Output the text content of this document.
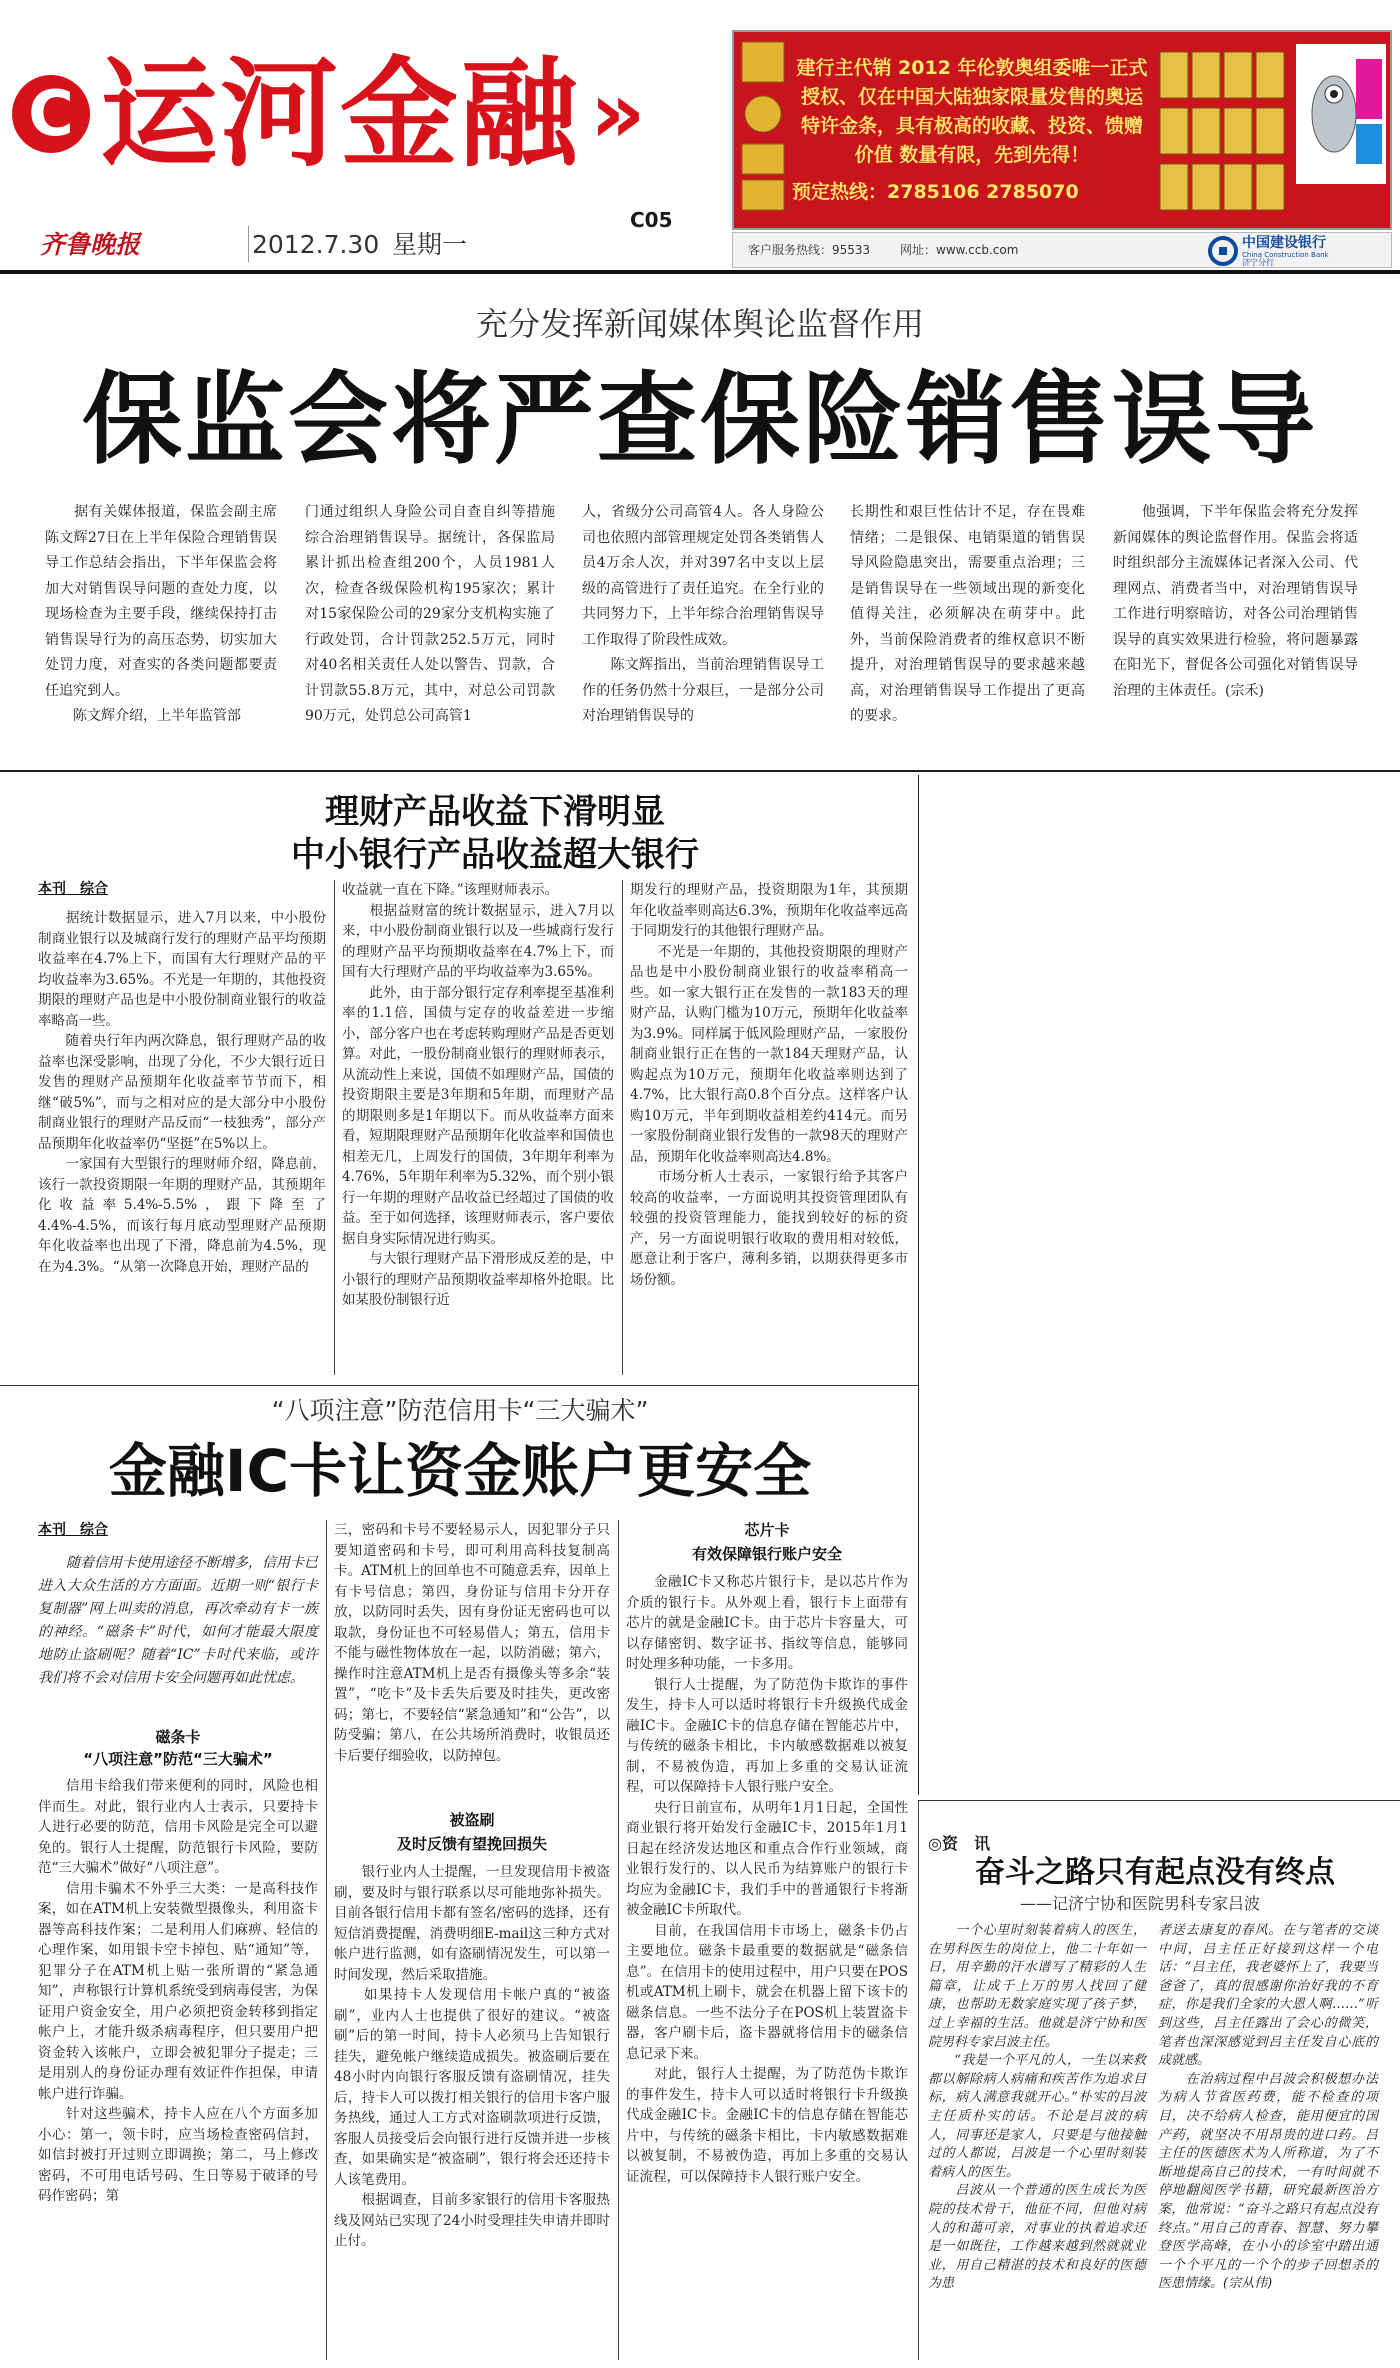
C 运河金融 »
齐鲁晚报	2012.7.30 星期一
C05
建行主代销 2012 年伦敦奥组委唯一正式授权、仅在中国大陆独家限量发售的奥运特许金条，具有极高的收藏、投资、馈赠价值 数量有限，先到先得！
预定热线：2785106 2785070
客户服务热线：95533 网址：www.ccb.com	中国建设银行
China Construction Bank
济宁分行
充分发挥新闻媒体舆论监督作用
保监会将严查保险销售误导
　　据有关媒体报道，保监会副主席陈文辉27日在上半年保险合理销售误导工作总结会指出，下半年保监会将加大对销售误导问题的查处力度，以现场检查为主要手段，继续保持打击销售误导行为的高压态势，切实加大处罚力度，对查实的各类问题都要责任追究到人。
　　陈文辉介绍，上半年监管部
门通过组织人身险公司自查自纠等措施综合治理销售误导。据统计，各保监局累计抓出检查组200个，人员1981人次，检查各级保险机构195家次；累计对15家保险公司的29家分支机构实施了行政处罚，合计罚款252.5万元，同时对40名相关责任人处以警告、罚款，合计罚款55.8万元，其中，对总公司罚款90万元，处罚总公司高管1
人，省级分公司高管4人。各人身险公司也依照内部管理规定处罚各类销售人员4万余人次，并对397名中支以上层级的高管进行了责任追究。在全行业的共同努力下，上半年综合治理销售误导工作取得了阶段性成效。
　　陈文辉指出，当前治理销售误导工作的任务仍然十分艰巨，一是部分公司对治理销售误导的
长期性和艰巨性估计不足，存在畏难情绪；二是银保、电销渠道的销售误导风险隐患突出，需要重点治理；三是销售误导在一些领域出现的新变化值得关注，必须解决在萌芽中。此外，当前保险消费者的维权意识不断提升，对治理销售误导的要求越来越高，对治理销售误导工作提出了更高的要求。
　　他强调，下半年保监会将充分发挥新闻媒体的舆论监督作用。保监会将适时组织部分主流媒体记者深入公司、代理网点、消费者当中，对治理销售误导工作进行明察暗访，对各公司治理销售误导的真实效果进行检验，将问题暴露在阳光下，督促各公司强化对销售误导治理的主体责任。(宗禾)
理财产品收益下滑明显
中小银行产品收益超大银行
本刊　综合
　　据统计数据显示，进入7月以来，中小股份制商业银行以及城商行发行的理财产品平均预期收益率在4.7%上下，而国有大行理财产品的平均收益率为3.65%。不光是一年期的，其他投资期限的理财产品也是中小股份制商业银行的收益率略高一些。
　　随着央行年内两次降息，银行理财产品的收益率也深受影响，出现了分化，不少大银行近日发售的理财产品预期年化收益率节节而下，相继“破5%”，而与之相对应的是大部分中小股份制商业银行的理财产品反而“一枝独秀”，部分产品预期年化收益率仍“坚挺”在5%以上。
　　一家国有大型银行的理财师介绍，降息前，该行一款投资期限一年期的理财产品，其预期年化收益率5.4%-5.5%，跟下降至了4.4%-4.5%，而该行每月底动型理财产品预期年化收益率也出现了下滑，降息前为4.5%，现在为4.3%。“从第一次降息开始，理财产品的
收益就一直在下降。”该理财师表示。
　　根据益财富的统计数据显示，进入7月以来，中小股份制商业银行以及一些城商行发行的理财产品平均预期收益率在4.7%上下，而国有大行理财产品的平均收益率为3.65%。
　　此外，由于部分银行定存利率提至基准利率的1.1倍，国债与定存的收益差进一步缩小，部分客户也在考虑转购理财产品是否更划算。对此，一股份制商业银行的理财师表示，从流动性上来说，国债不如理财产品，国债的投资期限主要是3年期和5年期，而理财产品的期限则多是1年期以下。而从收益率方面来看，短期限理财产品预期年化收益率和国债也相差无几，上周发行的国债，3年期年利率为4.76%，5年期年利率为5.32%，而个别小银行一年期的理财产品收益已经超过了国债的收益。至于如何选择，该理财师表示，客户要依据自身实际情况进行购买。
　　与大银行理财产品下滑形成反差的是，中小银行的理财产品预期收益率却格外抢眼。比如某股份制银行近
期发行的理财产品，投资期限为1年，其预期年化收益率则高达6.3%，预期年化收益率远高于同期发行的其他银行理财产品。
　　不光是一年期的，其他投资期限的理财产品也是中小股份制商业银行的收益率稍高一些。如一家大银行正在发售的一款183天的理财产品，认购门槛为10万元，预期年化收益率为3.9%。同样属于低风险理财产品，一家股份制商业银行正在售的一款184天理财产品，认购起点为10万元，预期年化收益率则达到了4.7%，比大银行高0.8个百分点。这样客户认购10万元，半年到期收益相差约414元。而另一家股份制商业银行发售的一款98天的理财产品，预期年化收益率则高达4.8%。
　　市场分析人士表示，一家银行给予其客户较高的收益率，一方面说明其投资管理团队有较强的投资管理能力，能找到较好的标的资产，另一方面说明银行收取的费用相对较低，愿意让利于客户，薄利多销，以期获得更多市场份额。
“八项注意”防范信用卡“三大骗术”
金融IC卡让资金账户更安全
本刊　综合
　　随着信用卡使用途径不断增多，信用卡已进入大众生活的方方面面。近期一则“银行卡复制器”网上叫卖的消息，再次牵动有卡一族的神经。“磁条卡”时代，如何才能最大限度地防止盗刷呢？随着“IC”卡时代来临，或许我们将不会对信用卡安全问题再如此忧虑。
磁条卡
“八项注意”防范“三大骗术”
　　信用卡给我们带来便利的同时，风险也相伴而生。对此，银行业内人士表示，只要持卡人进行必要的防范，信用卡风险是完全可以避免的。银行人士提醒，防范银行卡风险，要防范“三大骗术”做好“八项注意”。
　　信用卡骗术不外乎三大类：一是高科技作案，如在ATM机上安装微型摄像头，利用盗卡器等高科技作案；二是利用人们麻痹、轻信的心理作案，如用银卡空卡掉包、贴“通知”等，犯罪分子在ATM机上贴一张所谓的“紧急通知”，声称银行计算机系统受到病毒侵害，为保证用户资金安全，用户必须把资金转移到指定帐户上，才能升级杀病毒程序，但只要用户把资金转入该帐户，立即会被犯罪分子提走；三是用别人的身份证办理有效证件作担保，申请帐户进行诈骗。
　　针对这些骗术，持卡人应在八个方面多加小心：第一，领卡时，应当场检查密码信封，如信封被打开过则立即调换；第二，马上修改密码，不可用电话号码、生日等易于破译的号码作密码；第
三，密码和卡号不要轻易示人，因犯罪分子只要知道密码和卡号，即可利用高科技复制高卡。ATM机上的回单也不可随意丢弃，因单上有卡号信息；第四，身份证与信用卡分开存放，以防同时丢失，因有身份证无密码也可以取款，身份证也不可轻易借人；第五，信用卡不能与磁性物体放在一起，以防消磁；第六，操作时注意ATM机上是否有摄像头等多余“装置”，“吃卡”及卡丢失后要及时挂失，更改密码；第七，不要轻信“紧急通知”和“公告”，以防受骗；第八，在公共场所消费时，收银员还卡后要仔细验收，以防掉包。
被盗刷
及时反馈有望挽回损失
　　银行业内人士提醒，一旦发现信用卡被盗刷，要及时与银行联系以尽可能地弥补损失。目前各银行信用卡都有签名/密码的选择，还有短信消费提醒，消费明细E-mail这三种方式对帐户进行监测，如有盗刷情况发生，可以第一时间发现，然后采取措施。
　　如果持卡人发现信用卡帐户真的“被盗刷”，业内人士也提供了很好的建议。“被盗刷”后的第一时间，持卡人必须马上告知银行挂失，避免帐户继续造成损失。被盗刷后要在48小时内向银行客服反馈有盗刷情况，挂失后，持卡人可以拨打相关银行的信用卡客户服务热线，通过人工方式对盗刷款项进行反馈，客服人员接受后会向银行进行反馈并进一步核查，如果确实是“被盗刷”，银行将会还还持卡人该笔费用。
　　根据调查，目前多家银行的信用卡客服热线及网站已实现了24小时受理挂失申请并即时止付。
芯片卡
有效保障银行账户安全
　　金融IC卡又称芯片银行卡，是以芯片作为介质的银行卡。从外观上看，银行卡上面带有芯片的就是金融IC卡。由于芯片卡容量大，可以存储密钥、数字证书、指纹等信息，能够同时处理多种功能，一卡多用。
　　银行人士提醒，为了防范伪卡欺诈的事件发生，持卡人可以适时将银行卡升级换代成金融IC卡。金融IC卡的信息存储在智能芯片中，与传统的磁条卡相比，卡内敏感数据难以被复制，不易被伪造，再加上多重的交易认证流程，可以保障持卡人银行账户安全。
　　央行日前宣布，从明年1月1日起，全国性商业银行将开始发行金融IC卡，2015年1月1日起在经济发达地区和重点合作行业领域，商业银行发行的、以人民币为结算账户的银行卡均应为金融IC卡，我们手中的普通银行卡将渐被金融IC卡所取代。
　　目前，在我国信用卡市场上，磁条卡仍占主要地位。磁条卡最重要的数据就是“磁条信息”。在信用卡的使用过程中，用户只要在POS机或ATM机上刷卡，就会在机器上留下该卡的磁条信息。一些不法分子在POS机上装置盗卡器，客户刷卡后，盗卡器就将信用卡的磁条信息记录下来。
　　对此，银行人士提醒，为了防范伪卡欺诈的事件发生，持卡人可以适时将银行卡升级换代成金融IC卡。金融IC卡的信息存储在智能芯片中，与传统的磁条卡相比，卡内敏感数据难以被复制，不易被伪造，再加上多重的交易认证流程，可以保障持卡人银行账户安全。
◎资　讯
奋斗之路只有起点没有终点
——记济宁协和医院男科专家吕波
　　一个心里时刻装着病人的医生，在男科医生的岗位上，他二十年如一日，用辛勤的汗水谱写了精彩的人生篇章，让成千上万的男人找回了健康，也帮助无数家庭实现了孩子梦，过上幸福的生活。他就是济宁协和医院男科专家吕波主任。
　　“我是一个平凡的人，一生以来救都以解除病人病痛和疾苦作为追求目标，病人满意我就开心。”朴实的吕波主任质朴实的话。不论是吕波的病人，同事还是家人，只要是与他接触过的人都说，吕波是一个心里时刻装着病人的医生。
　　吕波从一个普通的医生成长为医院的技术骨干，他征不同，但他对病人的和蔼可亲，对事业的执着追求还是一如既往，工作越来越到然就就业业，用自己精湛的技术和良好的医德为患
者送去康复的春风。在与笔者的交谈中间，吕主任正好接到这样一个电话：“吕主任，我老婆怀上了，我要当爸爸了，真的很感谢你治好我的不育症，你是我们全家的大恩人啊……”听到这些，吕主任露出了会心的微笑，笔者也深深感觉到吕主任发自心底的成就感。
　　在治病过程中吕波会积极想办法为病人节省医药费，能不检查的项目，决不给病人检查，能用便宜的国产药，就坚决不用昂贵的进口药。吕主任的医德医术为人所称道，为了不断地提高自己的技术，一有时间就不停地翻阅医学书籍，研究最新医治方案，他常说：“奋斗之路只有起点没有终点。”用自己的青春、智慧、努力攀登医学高峰，在小小的诊室中踏出通一个个平凡的一个个的步子回想杀的医患情缘。(宗从伟)
